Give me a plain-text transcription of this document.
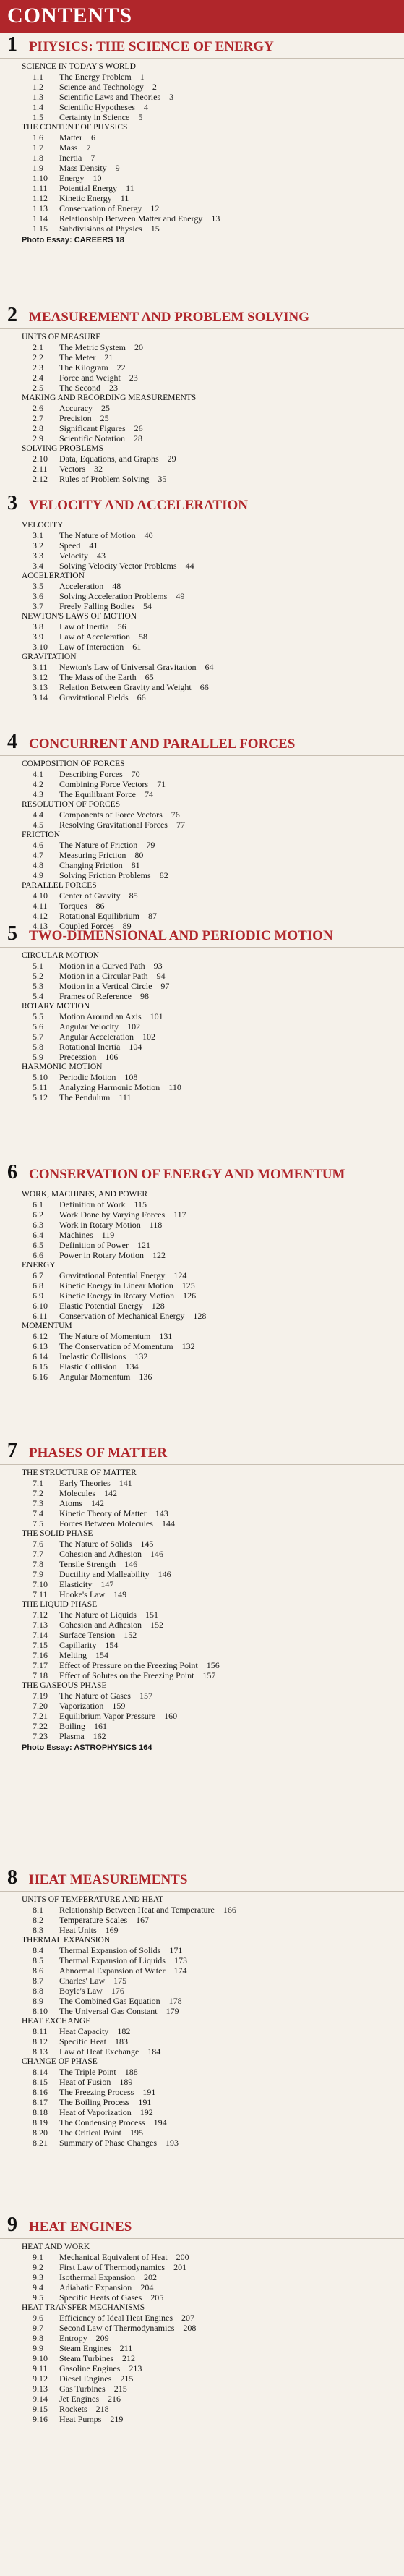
CONTENTS
1 PHYSICS: THE SCIENCE OF ENERGY
SCIENCE IN TODAY'S WORLD
1.1	The Energy Problem  1
1.2	Science and Technology  2
1.3	Scientific Laws and Theories  3
1.4	Scientific Hypotheses  4
1.5	Certainty in Science  5
THE CONTENT OF PHYSICS
1.6	Matter  6
1.7	Mass  7
1.8	Inertia  7
1.9	Mass Density  9
1.10	Energy  10
1.11	Potential Energy  11
1.12	Kinetic Energy  11
1.13	Conservation of Energy  12
1.14	Relationship Between Matter and Energy  13
1.15	Subdivisions of Physics  15
Photo Essay: CAREERS 18
2 MEASUREMENT AND PROBLEM SOLVING
UNITS OF MEASURE
2.1	The Metric System  20
2.2	The Meter  21
2.3	The Kilogram  22
2.4	Force and Weight  23
2.5	The Second  23
MAKING AND RECORDING MEASUREMENTS
2.6	Accuracy  25
2.7	Precision  25
2.8	Significant Figures  26
2.9	Scientific Notation  28
SOLVING PROBLEMS
2.10	Data, Equations, and Graphs  29
2.11	Vectors  32
2.12	Rules of Problem Solving  35
3 VELOCITY AND ACCELERATION
VELOCITY
3.1	The Nature of Motion  40
3.2	Speed  41
3.3	Velocity  43
3.4	Solving Velocity Vector Problems  44
ACCELERATION
3.5	Acceleration  48
3.6	Solving Acceleration Problems  49
3.7	Freely Falling Bodies  54
NEWTON'S LAWS OF MOTION
3.8	Law of Inertia  56
3.9	Law of Acceleration  58
3.10	Law of Interaction  61
GRAVITATION
3.11	Newton's Law of Universal Gravitation  64
3.12	The Mass of the Earth  65
3.13	Relation Between Gravity and Weight  66
3.14	Gravitational Fields  66
4 CONCURRENT AND PARALLEL FORCES
COMPOSITION OF FORCES
4.1	Describing Forces  70
4.2	Combining Force Vectors  71
4.3	The Equilibrant Force  74
RESOLUTION OF FORCES
4.4	Components of Force Vectors  76
4.5	Resolving Gravitational Forces  77
FRICTION
4.6	The Nature of Friction  79
4.7	Measuring Friction  80
4.8	Changing Friction  81
4.9	Solving Friction Problems  82
PARALLEL FORCES
4.10	Center of Gravity  85
4.11	Torques  86
4.12	Rotational Equilibrium  87
4.13	Coupled Forces  89
5 TWO-DIMENSIONAL AND PERIODIC MOTION
CIRCULAR MOTION
5.1	Motion in a Curved Path  93
5.2	Motion in a Circular Path  94
5.3	Motion in a Vertical Circle  97
5.4	Frames of Reference  98
ROTARY MOTION
5.5	Motion Around an Axis  101
5.6	Angular Velocity  102
5.7	Angular Acceleration  102
5.8	Rotational Inertia  104
5.9	Precession  106
HARMONIC MOTION
5.10	Periodic Motion  108
5.11	Analyzing Harmonic Motion  110
5.12	The Pendulum  111
6 CONSERVATION OF ENERGY AND MOMENTUM
WORK, MACHINES, AND POWER
6.1	Definition of Work  115
6.2	Work Done by Varying Forces  117
6.3	Work in Rotary Motion  118
6.4	Machines  119
6.5	Definition of Power  121
6.6	Power in Rotary Motion  122
ENERGY
6.7	Gravitational Potential Energy  124
6.8	Kinetic Energy in Linear Motion  125
6.9	Kinetic Energy in Rotary Motion  126
6.10	Elastic Potential Energy  128
6.11	Conservation of Mechanical Energy  128
MOMENTUM
6.12	The Nature of Momentum  131
6.13	The Conservation of Momentum  132
6.14	Inelastic Collisions  132
6.15	Elastic Collision  134
6.16	Angular Momentum  136
7 PHASES OF MATTER
THE STRUCTURE OF MATTER
7.1	Early Theories  141
7.2	Molecules  142
7.3	Atoms  142
7.4	Kinetic Theory of Matter  143
7.5	Forces Between Molecules  144
THE SOLID PHASE
7.6	The Nature of Solids  145
7.7	Cohesion and Adhesion  146
7.8	Tensile Strength  146
7.9	Ductility and Malleability  146
7.10	Elasticity  147
7.11	Hooke's Law  149
THE LIQUID PHASE
7.12	The Nature of Liquids  151
7.13	Cohesion and Adhesion  152
7.14	Surface Tension  152
7.15	Capillarity  154
7.16	Melting  154
7.17	Effect of Pressure on the Freezing Point  156
7.18	Effect of Solutes on the Freezing Point  157
THE GASEOUS PHASE
7.19	The Nature of Gases  157
7.20	Vaporization  159
7.21	Equilibrium Vapor Pressure  160
7.22	Boiling  161
7.23	Plasma  162
Photo Essay: ASTROPHYSICS 164
8 HEAT MEASUREMENTS
UNITS OF TEMPERATURE AND HEAT
8.1	Relationship Between Heat and Temperature  166
8.2	Temperature Scales  167
8.3	Heat Units  169
THERMAL EXPANSION
8.4	Thermal Expansion of Solids  171
8.5	Thermal Expansion of Liquids  173
8.6	Abnormal Expansion of Water  174
8.7	Charles' Law  175
8.8	Boyle's Law  176
8.9	The Combined Gas Equation  178
8.10	The Universal Gas Constant  179
HEAT EXCHANGE
8.11	Heat Capacity  182
8.12	Specific Heat  183
8.13	Law of Heat Exchange  184
CHANGE OF PHASE
8.14	The Triple Point  188
8.15	Heat of Fusion  189
8.16	The Freezing Process  191
8.17	The Boiling Process  191
8.18	Heat of Vaporization  192
8.19	The Condensing Process  194
8.20	The Critical Point  195
8.21	Summary of Phase Changes  193
9 HEAT ENGINES
HEAT AND WORK
9.1	Mechanical Equivalent of Heat  200
9.2	First Law of Thermodynamics  201
9.3	Isothermal Expansion  202
9.4	Adiabatic Expansion  204
9.5	Specific Heats of Gases  205
HEAT TRANSFER MECHANISMS
9.6	Efficiency of Ideal Heat Engines  207
9.7	Second Law of Thermodynamics  208
9.8	Entropy  209
9.9	Steam Engines  211
9.10	Steam Turbines  212
9.11	Gasoline Engines  213
9.12	Diesel Engines  215
9.13	Gas Turbines  215
9.14	Jet Engines  216
9.15	Rockets  218
9.16	Heat Pumps  219
